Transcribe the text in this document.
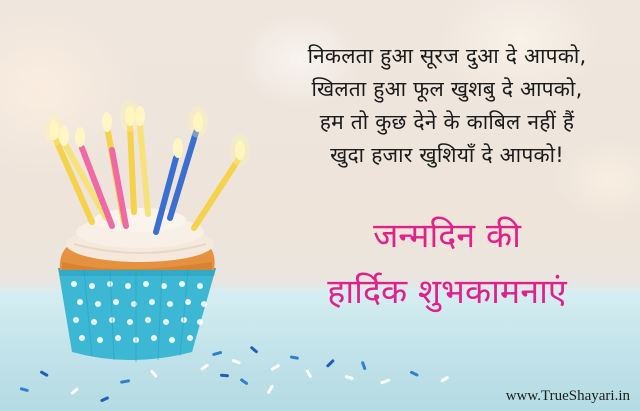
निकलता हुआ सूरज दुआ दे आपको,
खिलता हुआ फूल खुशबु दे आपको,
हम तो कुछ देने के काबिल नहीं हैं
खुदा हजार खुशियाँ दे आपको!
जन्मदिन की
हार्दिक शुभकामनाएं
www.TrueShayari.in
